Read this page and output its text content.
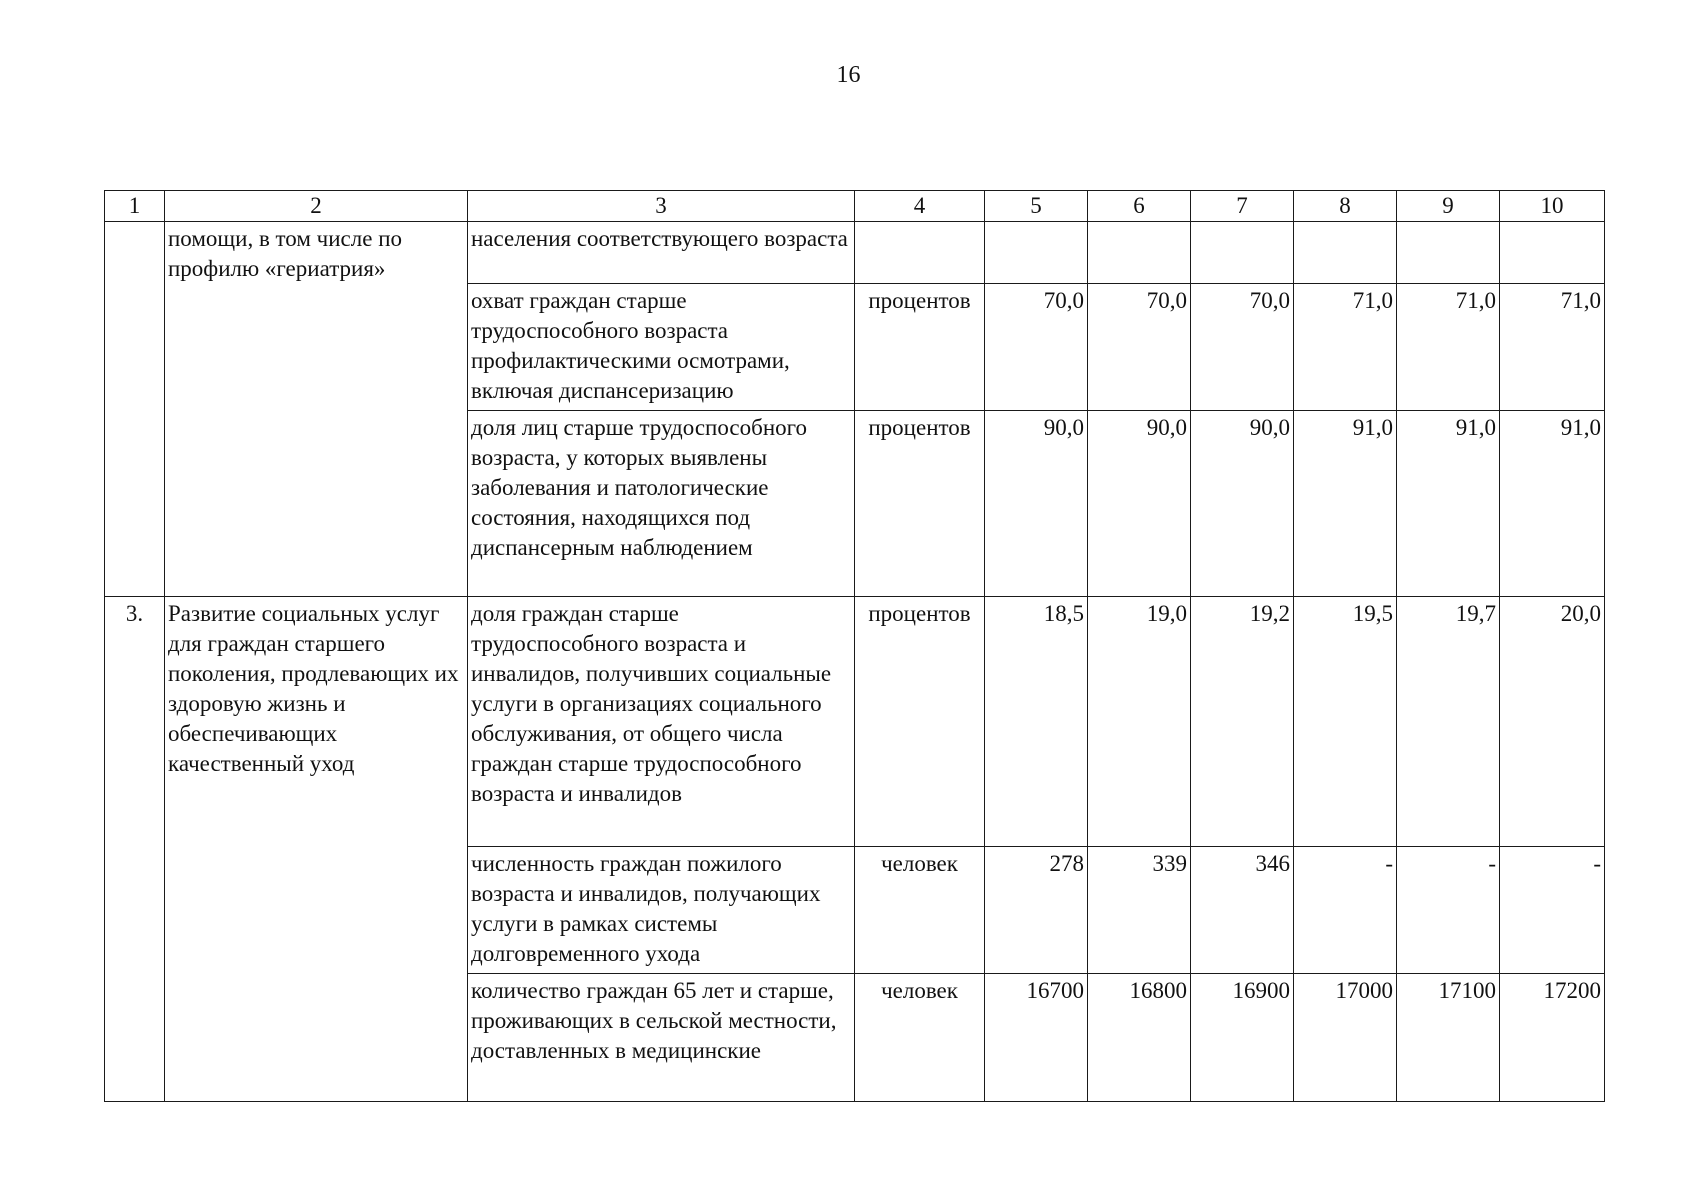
16
1	2	3	4	5	6	7	8	9	10
	помощи, в том числе по профилю «гериатрия»	населения соответствующего возраста							
		охват граждан старше трудоспособного возраста профилактическими осмотрами, включая диспансеризацию	процентов	70,0	70,0	70,0	71,0	71,0	71,0
		доля лиц старше трудоспособного возраста, у которых выявлены заболевания и патологические состояния, находящихся под диспансерным наблюдением	процентов	90,0	90,0	90,0	91,0	91,0	91,0
3.	Развитие социальных услуг для граждан старшего поколения, продлевающих их здоровую жизнь и обеспечивающих качественный уход	доля граждан старше трудоспособного возраста и инвалидов, получивших социальные услуги в организациях социального обслуживания, от общего числа граждан старше трудоспособного возраста и инвалидов	процентов	18,5	19,0	19,2	19,5	19,7	20,0
		численность граждан пожилого возраста и инвалидов, получающих услуги в рамках системы долговременного ухода	человек	278	339	346	-	-	-
		количество граждан 65 лет и старше, проживающих в сельской местности, доставленных в медицинские	человек	16700	16800	16900	17000	17100	17200
